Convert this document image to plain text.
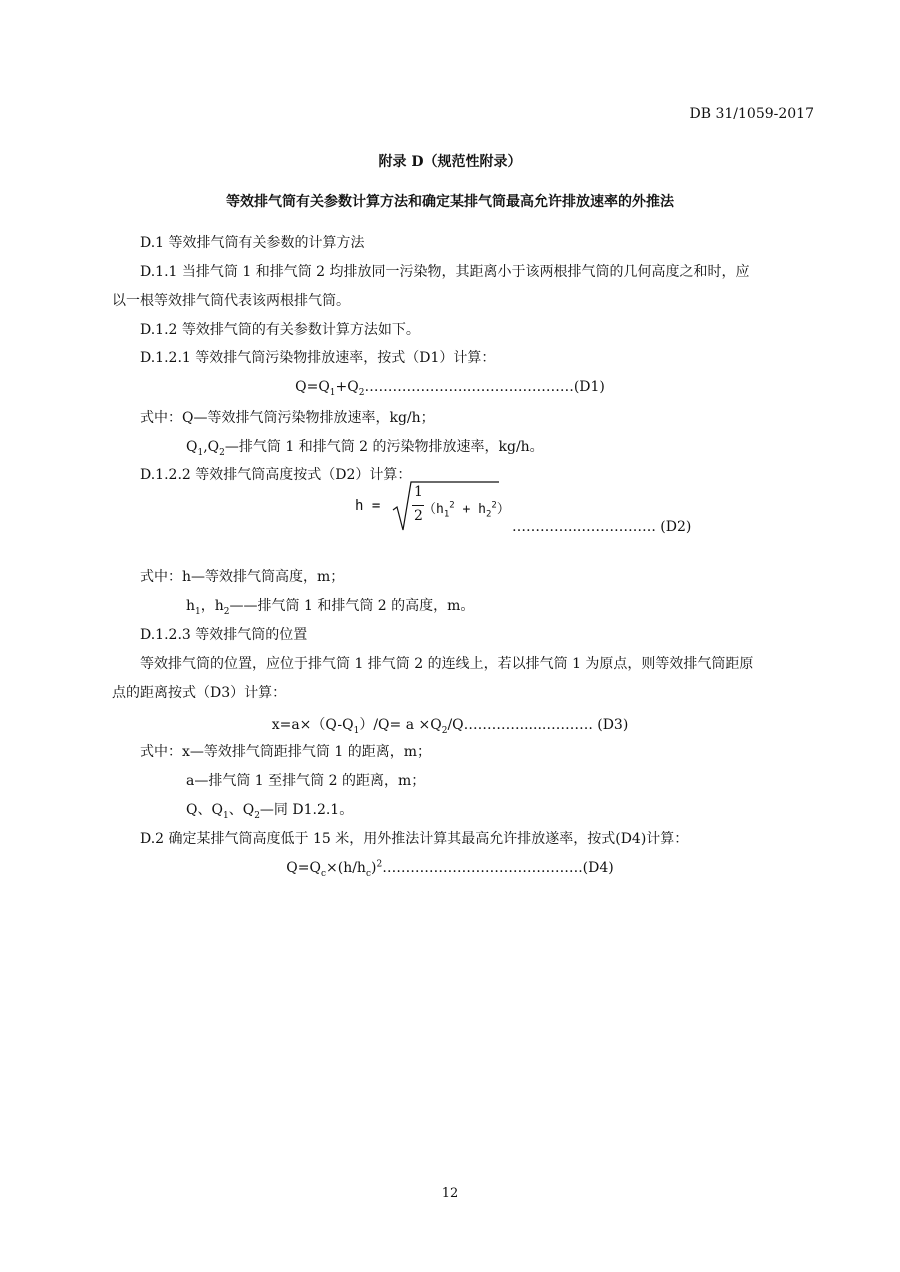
DB 31/1059-2017
附录 D（规范性附录）
等效排气筒有关参数计算方法和确定某排气筒最高允许排放速率的外推法
D.1 等效排气筒有关参数的计算方法
D.1.1 当排气筒 1 和排气筒 2 均排放同一污染物，其距离小于该两根排气筒的几何高度之和时，应
以一根等效排气筒代表该两根排气筒。
D.1.2 等效排气筒的有关参数计算方法如下。
D.1.2.1 等效排气筒污染物排放速率，按式（D1）计算：
$Q=Q_1+Q_2\dots\dots\dots\dots\dots\dots\dots..\dots\dots\dots.\dots\dots\dots\dots(D1)$
式中：Q—等效排气筒污染物排放速率，kg/h；
$Q_1,Q_2—$排气筒 1 和排气筒 2 的污染物排放速率，kg/h。
D.1.2.2 等效排气筒高度按式（D2）计算：
h =
1
2 $(h_1^2 + h_2^2)$
…………...……………. (D2)
式中：h—等效排气筒高度，m；
$h_1$，$h_2——$排气筒 1 和排气筒 2 的高度，m。
D.1.2.3 等效排气筒的位置
等效排气筒的位置，应位于排气筒 1 排气筒 2 的连线上，若以排气筒 1 为原点，则等效排气筒距原
点的距离按式（D3）计算：
$x=a\times(Q-Q_1)/Q= a$ $\times Q_2/Q\dots\dots\dots\dots......\dots\dots\dots$. (D3)
式中：x—等效排气筒距排气筒 1 的距离，m；
a—排气筒 1 至排气筒 2 的距离，m；
Q、$Q_1$、$Q_2—$同 D1.2.1。
D.2 确定某排气筒高度低于 15 米，用外推法计算其最高允许排放遂率，按式(D4)计算：
$Q=Q_c\times(h/h_c)^2\dots\dots\dots\dots\dots\dots\dots\dots\dots\dots\dots\dots\dots\dots.(D4)$
12
